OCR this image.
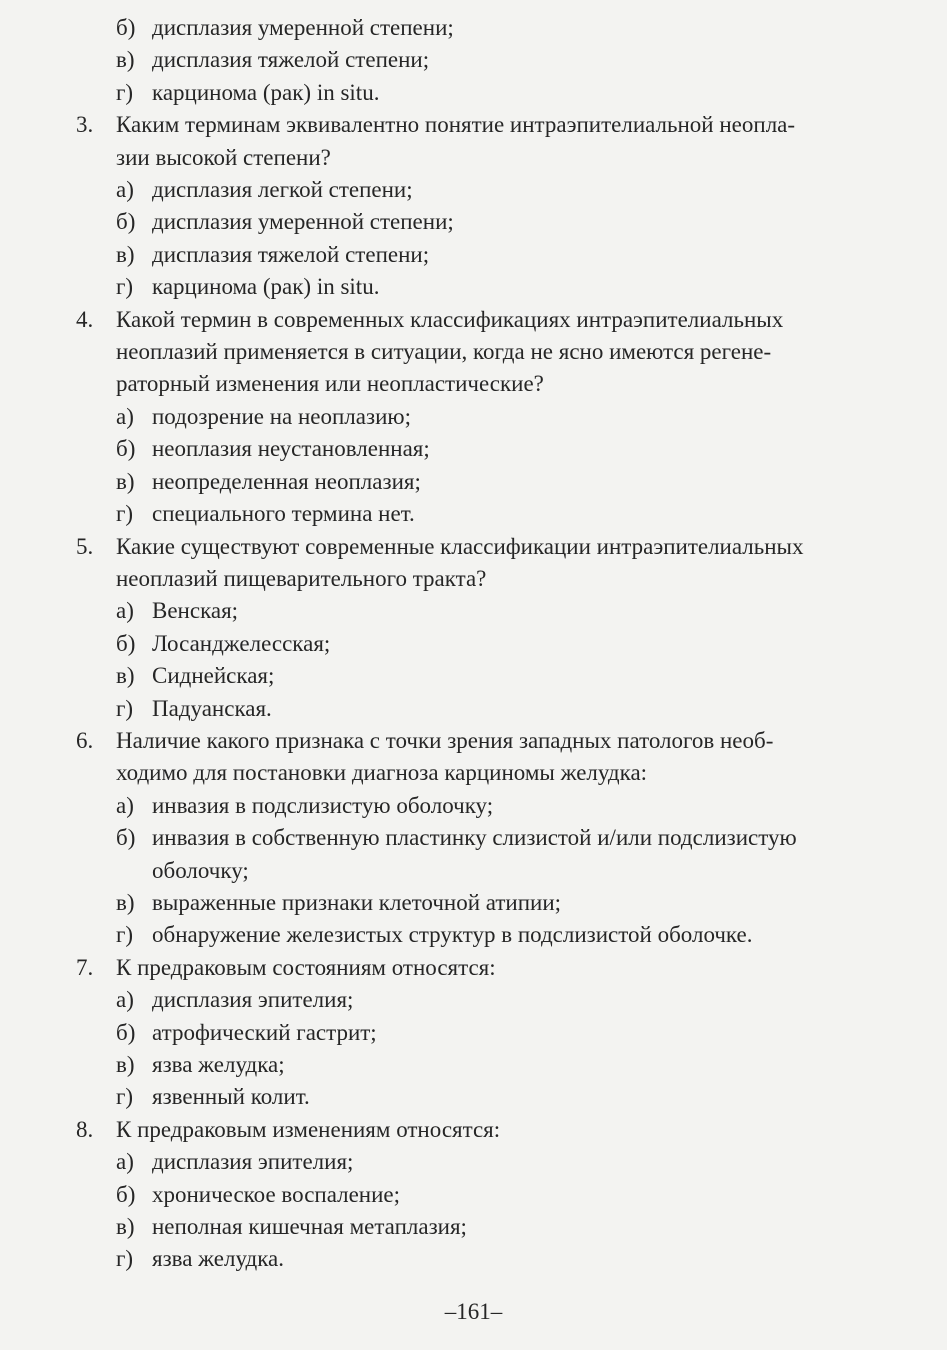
б) дисплазия умеренной степени;
в) дисплазия тяжелой степени;
г) карцинома (рак) in situ.
3. Каким терминам эквивалентно понятие интраэпителиальной неопла-
зии высокой степени?
а) дисплазия легкой степени;
б) дисплазия умеренной степени;
в) дисплазия тяжелой степени;
г) карцинома (рак) in situ.
4. Какой термин в современных классификациях интраэпителиальных
неоплазий применяется в ситуации, когда не ясно имеются регене-
раторный изменения или неопластические?
а) подозрение на неоплазию;
б) неоплазия неустановленная;
в) неопределенная неоплазия;
г) специального термина нет.
5. Какие существуют современные классификации интраэпителиальных
неоплазий пищеварительного тракта?
а) Венская;
б) Лосанджелесская;
в) Сиднейская;
г) Падуанская.
6. Наличие какого признака с точки зрения западных патологов необ-
ходимо для постановки диагноза карциномы желудка:
а) инвазия в подслизистую оболочку;
б) инвазия в собственную пластинку слизистой и/или подслизистую
оболочку;
в) выраженные признаки клеточной атипии;
г) обнаружение железистых структур в подслизистой оболочке.
7. К предраковым состояниям относятся:
а) дисплазия эпителия;
б) атрофический гастрит;
в) язва желудка;
г) язвенный колит.
8. К предраковым изменениям относятся:
а) дисплазия эпителия;
б) хроническое воспаление;
в) неполная кишечная метаплазия;
г) язва желудка.
–161–
